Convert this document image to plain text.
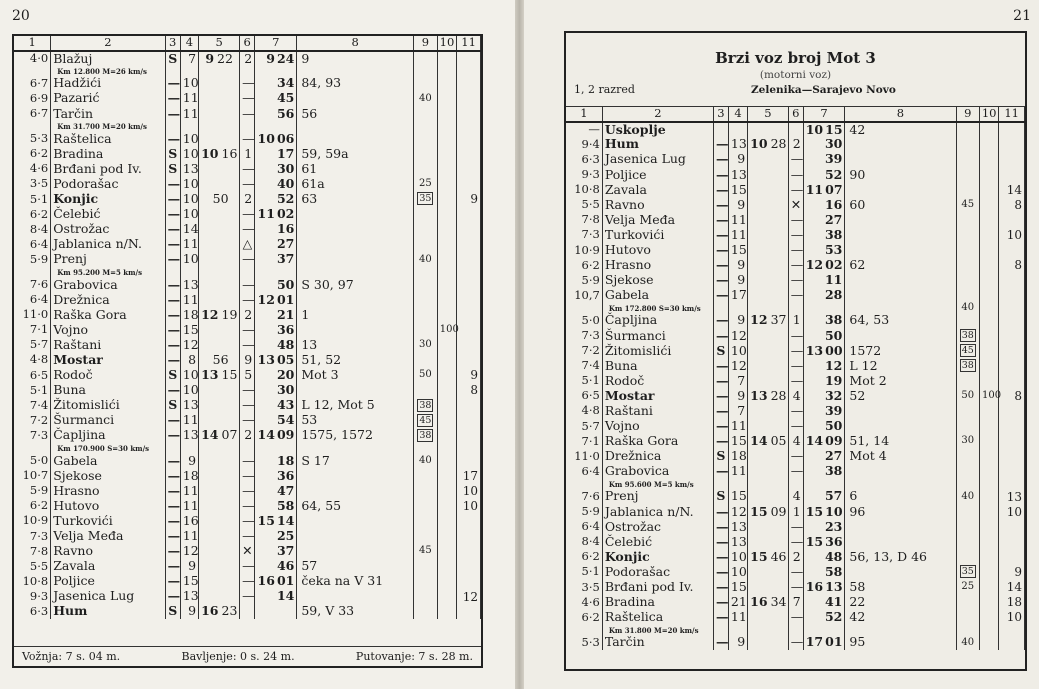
20
1	2	3	4	5	6	7	8	9	10	11
4·0	Blažuj	S	7	9 22	2	9 24	9			
	Km 12.800 M=26 km/s									
6·7	Hadžići	—	10		—	34	84, 93			
6·9	Pazarić	—	11		—	45		40		
6·7	Tarčin	—	11		—	56	56			
	Km 31.700 M=20 km/s									
5·3	Raštelica	—	10		—	10 06				
6·2	Bradina	S	10	10 16	1	17	59, 59a			
4·6	Brđani pod Iv.	S	13		—	30	61			
3·5	Podorašac	—	10		—	40	61a	25		
5·1	Konjic	—	10	50	2	52	63	35		9
6·2	Čelebić	—	10		—	11 02				
8·4	Ostrožac	—	14		—	16				
6·4	Jablanica n/N.	—	11		△	27				
5·9	Prenj	—	10		—	37		40		
	Km 95.200 M=5 km/s									
7·6	Grabovica	—	13		—	50	S 30, 97			
6·4	Drežnica	—	11		—	12 01				
11·0	Raška Gora	—	18	12 19	2	21	1			
7·1	Vojno	—	15		—	36			100	
5·7	Raštani	—	12		—	48	13	30		
4·8	Mostar	—	8	56	9	13 05	51, 52			
6·5	Rodoč	S	10	13 15	5	20	Mot 3	50		9
5·1	Buna	—	10		—	30				8
7·4	Žitomislići	S	13		—	43	L 12, Mot 5	38		
7·2	Šurmanci	—	11		—	54	53	45		
7·3	Čapljina	—	13	14 07	2	14 09	1575, 1572	38		
	Km 170.900 S=30 km/s									
5·0	Gabela	—	9		—	18	S 17	40		
10·7	Sjekose	—	18		—	36				17
5·9	Hrasno	—	11		—	47				10
6·2	Hutovo	—	11		—	58	64, 55			10
10·9	Turkovići	—	16		—	15 14				
7·3	Velja Međa	—	11		—	25				
7·8	Ravno	—	12		✕	37		45		
5·5	Zavala	—	9		—	46	57			
10·8	Poljice	—	15		—	16 01	čeka na V 31			
9·3	Jasenica Lug	—	13		—	14				12
6·3	Hum	S	9	16 23			59, V 33			
Vožnja: 7 s. 04 m.	Bavljenje: 0 s. 24 m.	Putovanje: 7 s. 28 m.
21
Brzi voz broj Mot 3
(motorni voz)
1, 2 razred	Zelenika—Sarajevo Novo
1	2	3	4	5	6	7	8	9	10	11
—	Uskoplje					10 15	42			
9·4	Hum	—	13	10 28	2	30				
6·3	Jasenica Lug	—	9		—	39				
9·3	Poljice	—	13		—	52	90			
10·8	Zavala	—	15		—	11 07				14
5·5	Ravno	—	9		✕	16	60	45		8
7·8	Velja Međa	—	11		—	27				
7·3	Turkovići	—	11		—	38				10
10·9	Hutovo	—	15		—	53				
6·2	Hrasno	—	9		—	12 02	62			8
5·9	Sjekose	—	9		—	11				
10,7	Gabela	—	17		—	28				
	Km 172.800 S=30 km/s							40		
5·0	Čapljina	—	9	12 37	1	38	64, 53			
7·3	Šurmanci	—	12		—	50		38		
7·2	Žitomislići	S	10		—	13 00	1572	45		
7·4	Buna	—	12		—	12	L 12	38		
5·1	Rodoč	—	7		—	19	Mot 2			
6·5	Mostar	—	9	13 28	4	32	52	50	100	8
4·8	Raštani	—	7		—	39				
5·7	Vojno	—	11		—	50				
7·1	Raška Gora	—	15	14 05	4	14 09	51, 14	30		
11·0	Drežnica	S	18		—	27	Mot 4			
6·4	Grabovica	—	11		—	38				
	Km 95.600 M=5 km/s									
7·6	Prenj	S	15		4	57	6	40		13
5·9	Jablanica n/N.	—	12	15 09	1	15 10	96			10
6·4	Ostrožac	—	13		—	23				
8·4	Čelebić	—	13		—	15 36				
6·2	Konjic	—	10	15 46	2	48	56, 13, D 46			
5·1	Podorašac	—	10		—	58		35		9
3·5	Brđani pod Iv.	—	15		—	16 13	58	25		14
4·6	Bradina	—	21	16 34	7	41	22			18
6·2	Raštelica	—	11		—	52	42			10
	Km 31.800 M=20 km/s									
5·3	Tarčin	—	9		—	17 01	95	40		
